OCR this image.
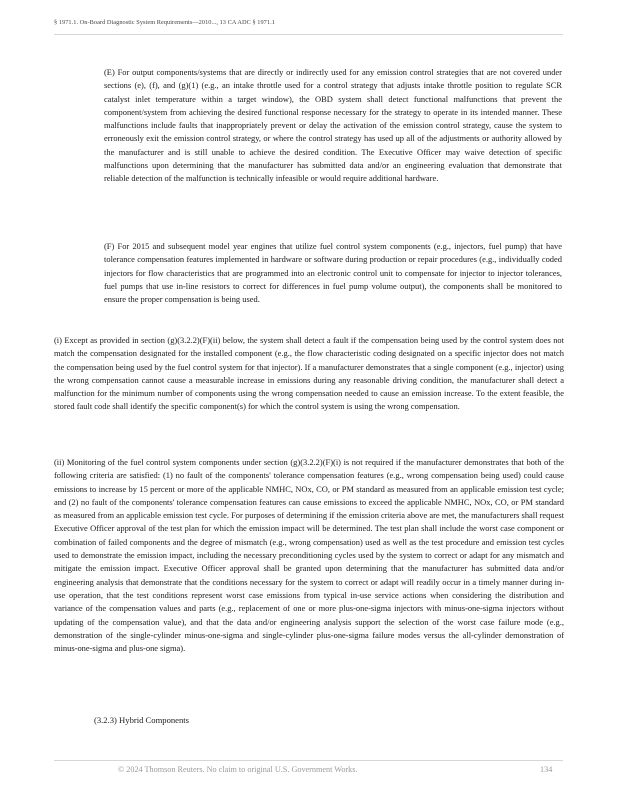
§ 1971.1. On-Board Diagnostic System Requirements—2010..., 13 CA ADC § 1971.1

(E) For output components/systems that are directly or indirectly used for any emission control strategies that are not covered under sections (e), (f), and (g)(1) (e.g., an intake throttle used for a control strategy that adjusts intake throttle position to regulate SCR catalyst inlet temperature within a target window), the OBD system shall detect functional malfunctions that prevent the component/system from achieving the desired functional response necessary for the strategy to operate in its intended manner. These malfunctions include faults that inappropriately prevent or delay the activation of the emission control strategy, cause the system to erroneously exit the emission control strategy, or where the control strategy has used up all of the adjustments or authority allowed by the manufacturer and is still unable to achieve the desired condition. The Executive Officer may waive detection of specific malfunctions upon determining that the manufacturer has submitted data and/or an engineering evaluation that demonstrate that reliable detection of the malfunction is technically infeasible or would require additional hardware.

(F) For 2015 and subsequent model year engines that utilize fuel control system components (e.g., injectors, fuel pump) that have tolerance compensation features implemented in hardware or software during production or repair procedures (e.g., individually coded injectors for flow characteristics that are programmed into an electronic control unit to compensate for injector to injector tolerances, fuel pumps that use in-line resistors to correct for differences in fuel pump volume output), the components shall be monitored to ensure the proper compensation is being used.

(i) Except as provided in section (g)(3.2.2)(F)(ii) below, the system shall detect a fault if the compensation being used by the control system does not match the compensation designated for the installed component (e.g., the flow characteristic coding designated on a specific injector does not match the compensation being used by the fuel control system for that injector). If a manufacturer demonstrates that a single component (e.g., injector) using the wrong compensation cannot cause a measurable increase in emissions during any reasonable driving condition, the manufacturer shall detect a malfunction for the minimum number of components using the wrong compensation needed to cause an emission increase. To the extent feasible, the stored fault code shall identify the specific component(s) for which the control system is using the wrong compensation.

(ii) Monitoring of the fuel control system components under section (g)(3.2.2)(F)(i) is not required if the manufacturer demonstrates that both of the following criteria are satisfied: (1) no fault of the components' tolerance compensation features (e.g., wrong compensation being used) could cause emissions to increase by 15 percent or more of the applicable NMHC, NOx, CO, or PM standard as measured from an applicable emission test cycle; and (2) no fault of the components' tolerance compensation features can cause emissions to exceed the applicable NMHC, NOx, CO, or PM standard as measured from an applicable emission test cycle. For purposes of determining if the emission criteria above are met, the manufacturers shall request Executive Officer approval of the test plan for which the emission impact will be determined. The test plan shall include the worst case component or combination of failed components and the degree of mismatch (e.g., wrong compensation) used as well as the test procedure and emission test cycles used to demonstrate the emission impact, including the necessary preconditioning cycles used by the system to correct or adapt for any mismatch and mitigate the emission impact. Executive Officer approval shall be granted upon determining that the manufacturer has submitted data and/or engineering analysis that demonstrate that the conditions necessary for the system to correct or adapt will readily occur in a timely manner during in-use operation, that the test conditions represent worst case emissions from typical in-use service actions when considering the distribution and variance of the compensation values and parts (e.g., replacement of one or more plus-one-sigma injectors with minus-one-sigma injectors without updating of the compensation value), and that the data and/or engineering analysis support the selection of the worst case failure mode (e.g., demonstration of the single-cylinder minus-one-sigma and single-cylinder plus-one-sigma failure modes versus the all-cylinder demonstration of minus-one-sigma and plus-one sigma).

(3.2.3) Hybrid Components
© 2024 Thomson Reuters. No claim to original U.S. Government Works.	134
